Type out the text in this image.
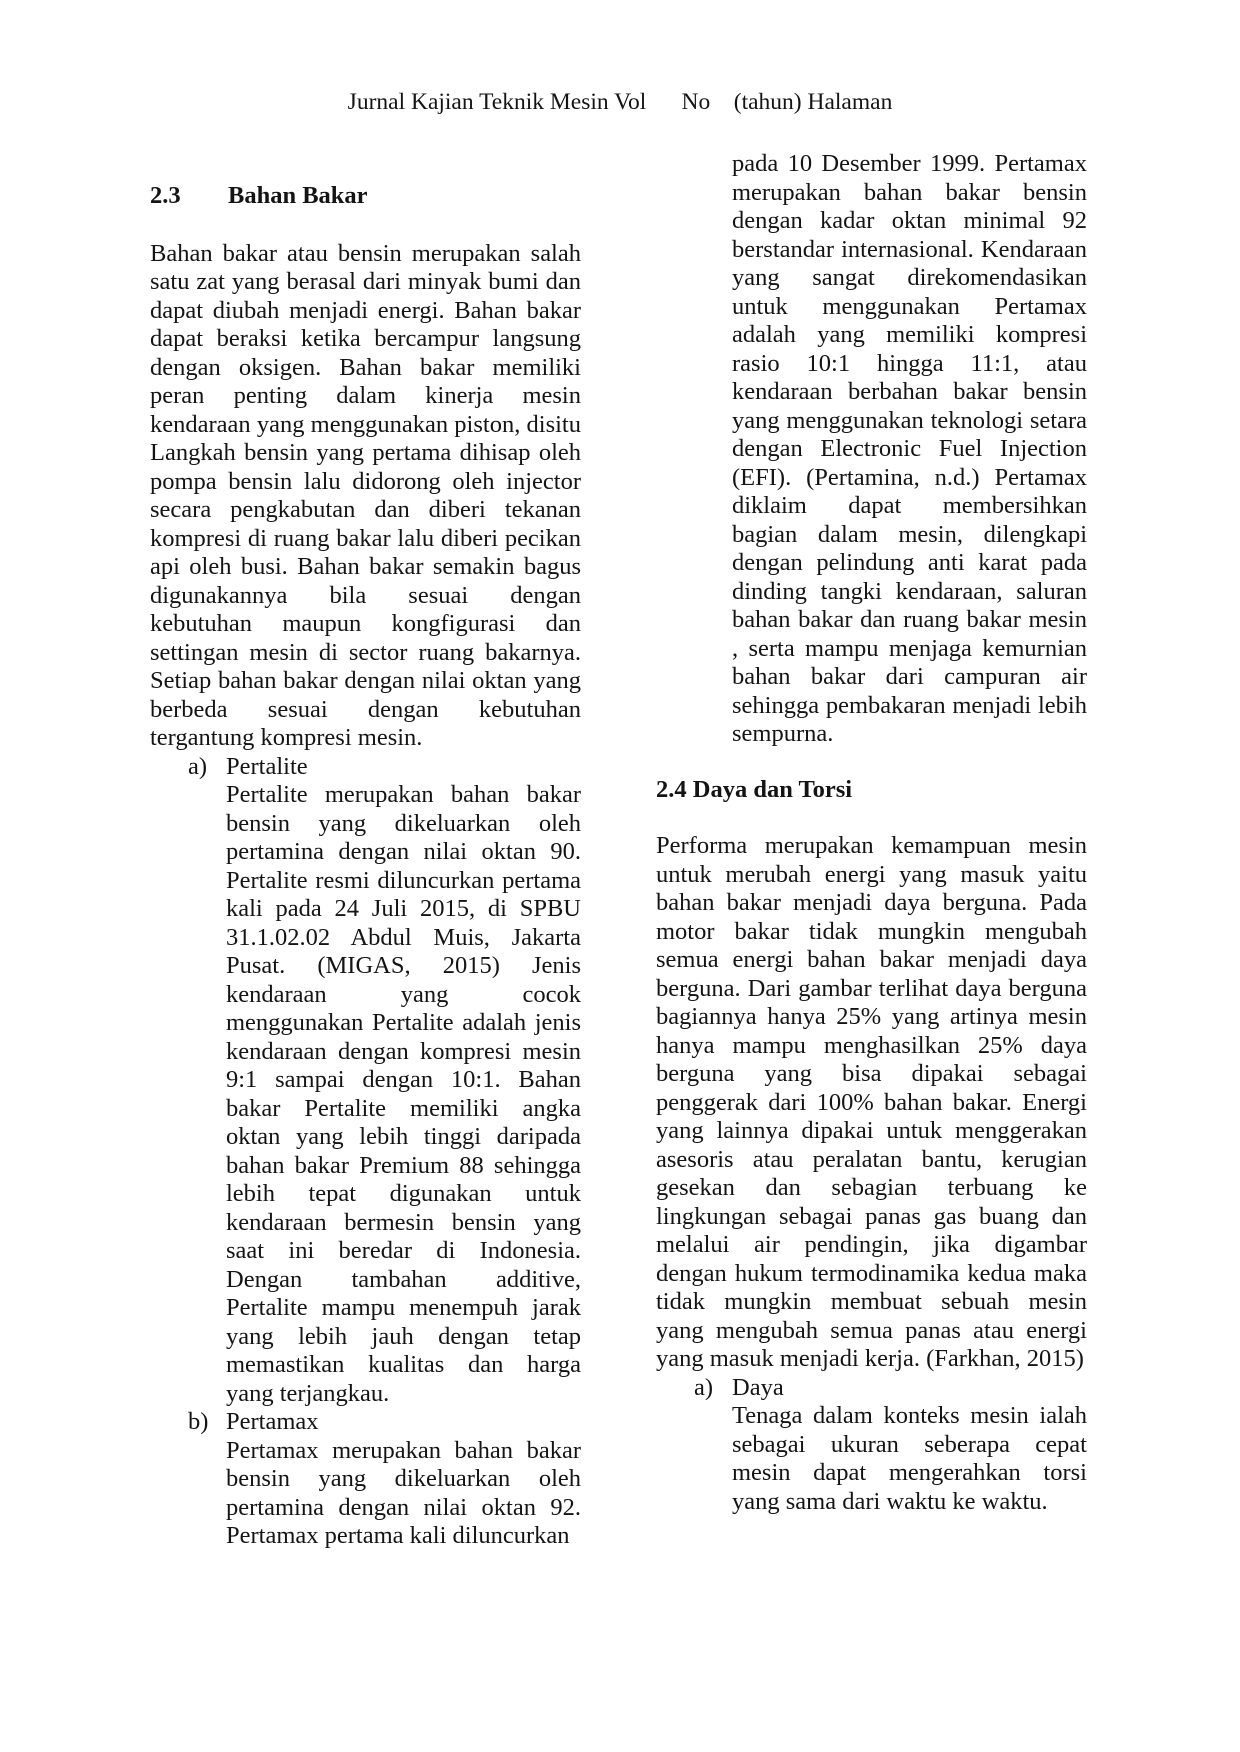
Jurnal Kajian Teknik Mesin Vol      No    (tahun) Halaman
2.3 Bahan Bakar

Bahan bakar atau bensin merupakan salah satu zat yang berasal dari minyak bumi dan dapat diubah menjadi energi. Bahan bakar dapat beraksi ketika bercampur langsung dengan oksigen. Bahan bakar memiliki peran penting dalam kinerja mesin kendaraan yang menggunakan piston, disitu Langkah bensin yang pertama dihisap oleh pompa bensin lalu didorong oleh injector secara pengkabutan dan diberi tekanan kompresi di ruang bakar lalu diberi pecikan api oleh busi. Bahan bakar semakin bagus digunakannya bila sesuai dengan kebutuhan maupun kongfigurasi dan settingan mesin di sector ruang bakarnya. Setiap bahan bakar dengan nilai oktan yang berbeda sesuai dengan kebutuhan tergantung kompresi mesin.

a) Pertalite

Pertalite merupakan bahan bakar bensin yang dikeluarkan oleh pertamina dengan nilai oktan 90. Pertalite resmi diluncurkan pertama kali pada 24 Juli 2015, di SPBU 31.1.02.02 Abdul Muis, Jakarta Pusat. (MIGAS, 2015) Jenis kendaraan yang cocok menggunakan Pertalite adalah jenis kendaraan dengan kompresi mesin 9:1 sampai dengan 10:1. Bahan bakar Pertalite memiliki angka oktan yang lebih tinggi daripada bahan bakar Premium 88 sehingga lebih tepat digunakan untuk kendaraan bermesin bensin yang saat ini beredar di Indonesia. Dengan tambahan additive, Pertalite mampu menempuh jarak yang lebih jauh dengan tetap memastikan kualitas dan harga yang terjangkau.

b) Pertamax

Pertamax merupakan bahan bakar bensin yang dikeluarkan oleh pertamina dengan nilai oktan 92. Pertamax pertama kali diluncurkan

pada 10 Desember 1999. Pertamax merupakan bahan bakar bensin dengan kadar oktan minimal 92 berstandar internasional. Kendaraan yang sangat direkomendasikan untuk menggunakan Pertamax adalah yang memiliki kompresi rasio 10:1 hingga 11:1, atau kendaraan berbahan bakar bensin yang menggunakan teknologi setara dengan Electronic Fuel Injection (EFI). (Pertamina, n.d.) Pertamax diklaim dapat membersihkan bagian dalam mesin, dilengkapi dengan pelindung anti karat pada dinding tangki kendaraan, saluran bahan bakar dan ruang bakar mesin , serta mampu menjaga kemurnian bahan bakar dari campuran air sehingga pembakaran menjadi lebih sempurna.

2.4 Daya dan Torsi

Performa merupakan kemampuan mesin untuk merubah energi yang masuk yaitu bahan bakar menjadi daya berguna. Pada motor bakar tidak mungkin mengubah semua energi bahan bakar menjadi daya berguna. Dari gambar terlihat daya berguna bagiannya hanya 25% yang artinya mesin hanya mampu menghasilkan 25% daya berguna yang bisa dipakai sebagai penggerak dari 100% bahan bakar. Energi yang lainnya dipakai untuk menggerakan asesoris atau peralatan bantu, kerugian gesekan dan sebagian terbuang ke lingkungan sebagai panas gas buang dan melalui air pendingin, jika digambar dengan hukum termodinamika kedua maka tidak mungkin membuat sebuah mesin yang mengubah semua panas atau energi yang masuk menjadi kerja. (Farkhan, 2015)

a) Daya

Tenaga dalam konteks mesin ialah sebagai ukuran seberapa cepat mesin dapat mengerahkan torsi yang sama dari waktu ke waktu.
